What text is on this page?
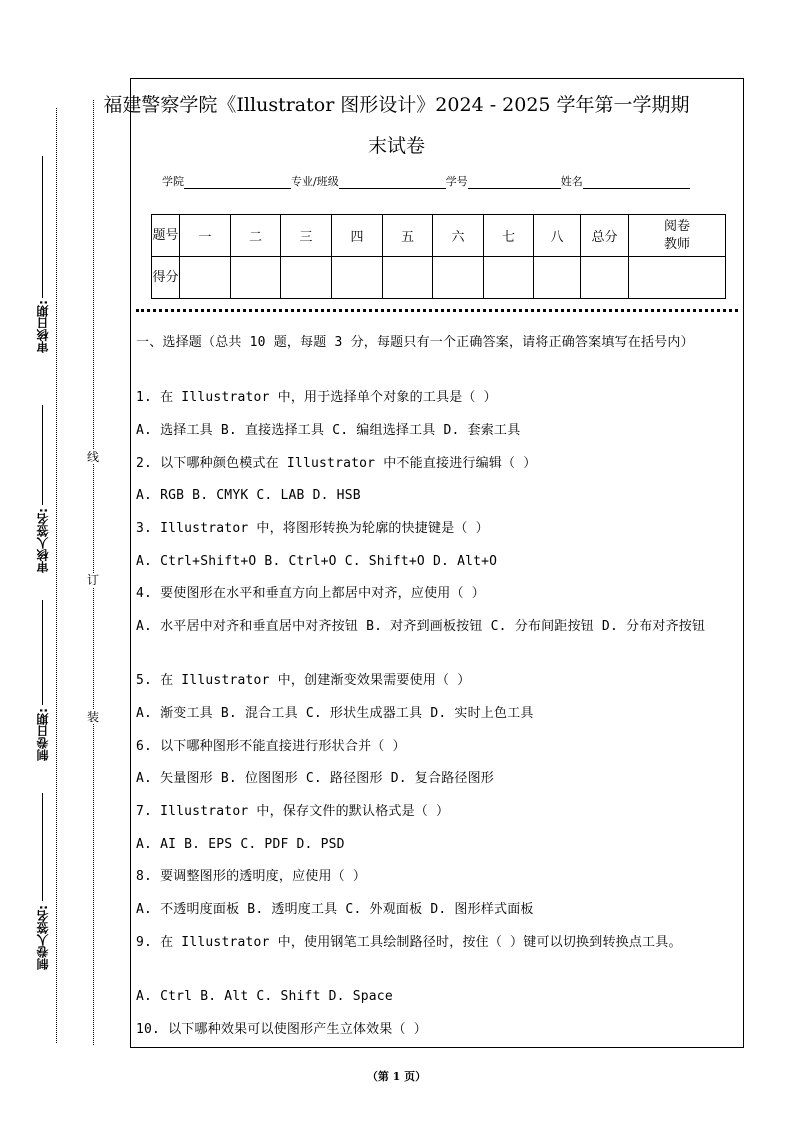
审核日期:
审核人签名:
制卷日期:
制卷人签名:
线
订
装
福建警察学院《Illustrator 图形设计》2024 - 2025 学年第一学期期
末试卷
学院	专业/班级	学号	姓名
题号	一	二	三	四	五	六	七	八	总分	阅卷教师
得分										
一、选择题（总共 10 题，每题 3 分，每题只有一个正确答案，请将正确答案填写在括号内）
1. 在 Illustrator 中，用于选择单个对象的工具是（ ）
A. 选择工具 B. 直接选择工具 C. 编组选择工具 D. 套索工具
2. 以下哪种颜色模式在 Illustrator 中不能直接进行编辑（ ）
A. RGB B. CMYK C. LAB D. HSB
3. Illustrator 中，将图形转换为轮廓的快捷键是（ ）
A. Ctrl+Shift+O B. Ctrl+O C. Shift+O D. Alt+O
4. 要使图形在水平和垂直方向上都居中对齐，应使用（ ）
A. 水平居中对齐和垂直居中对齐按钮 B. 对齐到画板按钮 C. 分布间距按钮 D. 分布对齐按钮
5. 在 Illustrator 中，创建渐变效果需要使用（ ）
A. 渐变工具 B. 混合工具 C. 形状生成器工具 D. 实时上色工具
6. 以下哪种图形不能直接进行形状合并（ ）
A. 矢量图形 B. 位图图形 C. 路径图形 D. 复合路径图形
7. Illustrator 中，保存文件的默认格式是（ ）
A. AI B. EPS C. PDF D. PSD
8. 要调整图形的透明度，应使用（ ）
A. 不透明度面板 B. 透明度工具 C. 外观面板 D. 图形样式面板
9. 在 Illustrator 中，使用钢笔工具绘制路径时，按住（ ）键可以切换到转换点工具。
A. Ctrl B. Alt C. Shift D. Space
10. 以下哪种效果可以使图形产生立体效果（ ）
（第 1 页）
